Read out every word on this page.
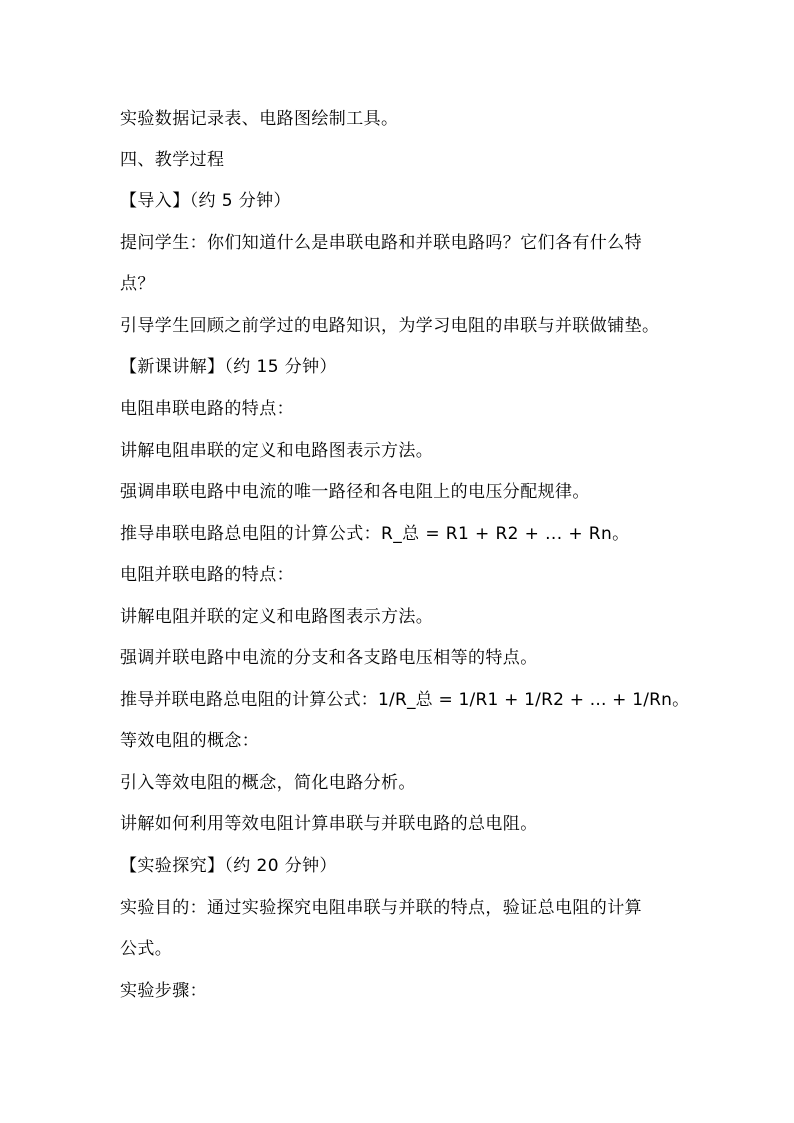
实验数据记录表、电路图绘制工具。
四、教学过程
【导入】（约 5 分钟）
提问学生：你们知道什么是串联电路和并联电路吗？它们各有什么特
点？
引导学生回顾之前学过的电路知识，为学习电阻的串联与并联做铺垫。
【新课讲解】（约 15 分钟）
电阻串联电路的特点：
讲解电阻串联的定义和电路图表示方法。
强调串联电路中电流的唯一路径和各电阻上的电压分配规律。
推导串联电路总电阻的计算公式：R_总 = R1 + R2 + ... + Rn。
电阻并联电路的特点：
讲解电阻并联的定义和电路图表示方法。
强调并联电路中电流的分支和各支路电压相等的特点。
推导并联电路总电阻的计算公式：1/R_总 = 1/R1 + 1/R2 + ... + 1/Rn。
等效电阻的概念：
引入等效电阻的概念，简化电路分析。
讲解如何利用等效电阻计算串联与并联电路的总电阻。
【实验探究】（约 20 分钟）
实验目的：通过实验探究电阻串联与并联的特点，验证总电阻的计算
公式。
实验步骤：
